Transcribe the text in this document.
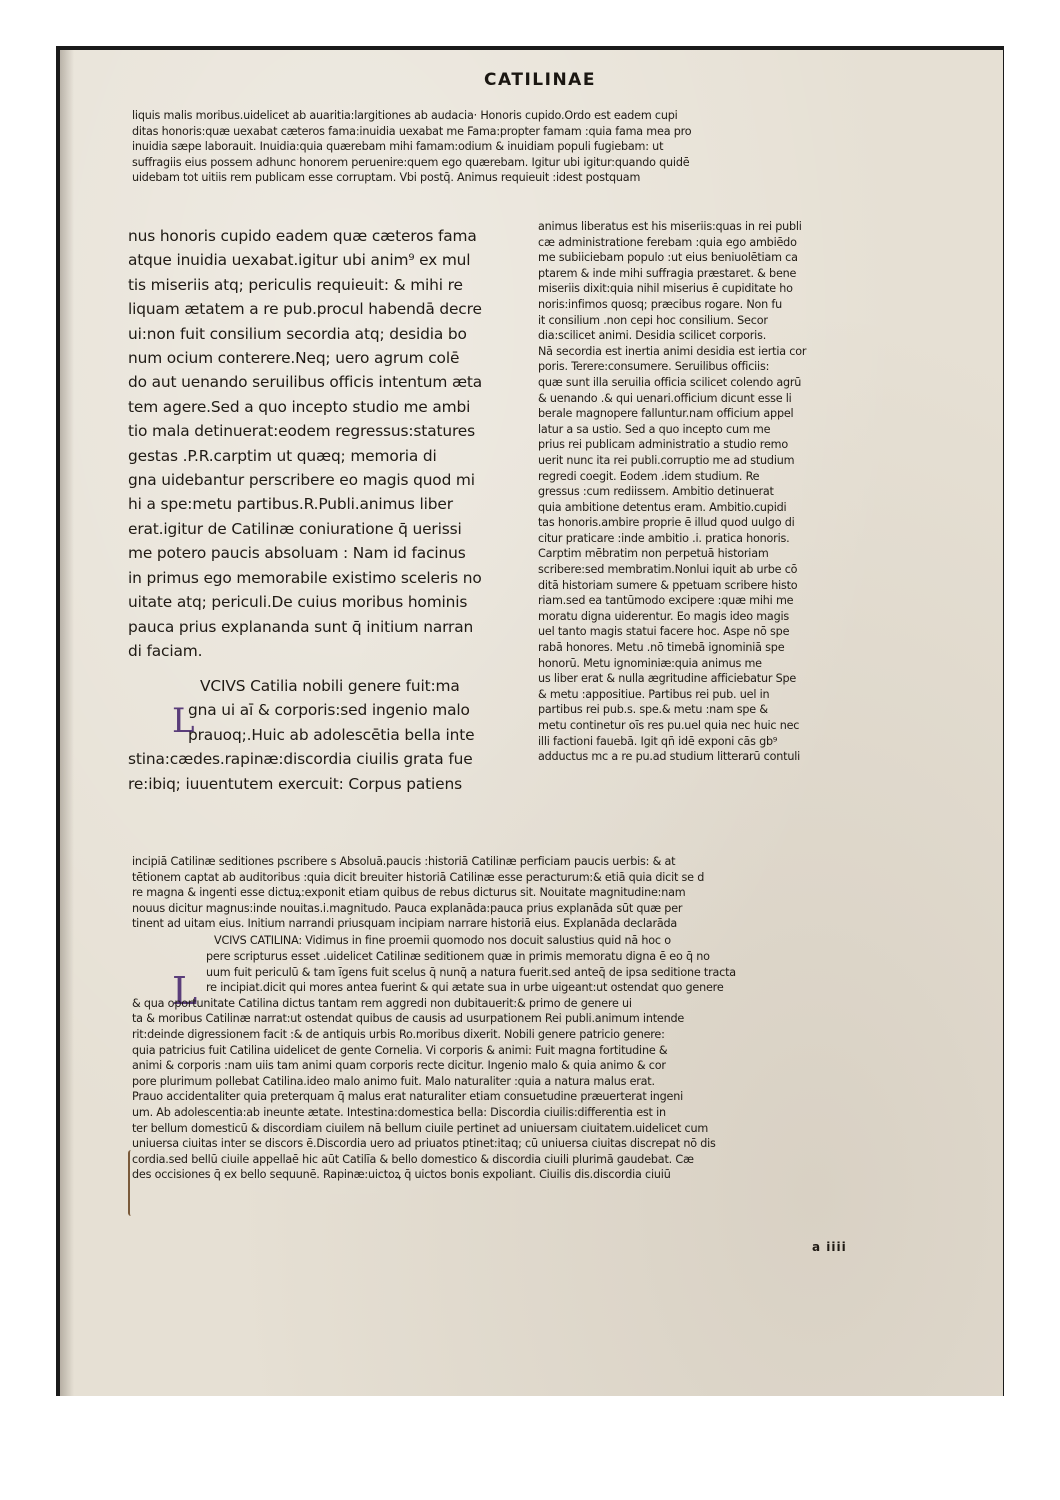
CATILINAE
liquis malis moribus.uidelicet ab auaritia:largitiones ab audacia· Honoris cupido.Ordo est eadem cupi
ditas honoris:quæ uexabat cæteros fama:inuidia uexabat me Fama:propter famam :quia fama mea pro
inuidia sæpe laborauit. Inuidia:quia quærebam mihi famam:odium & inuidiam populi fugiebam: ut
suffragiis eius possem adhunc honorem peruenire:quem ego quærebam. Igitur ubi igitur:quando quidē
uidebam tot uitiis rem publicam esse corruptam. Vbi postq̄. Animus requieuit :idest postquam
nus honoris cupido eadem quæ cæteros fama
atque inuidia uexabat.igitur ubi anim⁹ ex mul
tis miseriis atq; periculis requieuit: & mihi re
liquam ætatem a re pub.procul habendā decre
ui:non fuit consilium secordia atq; desidia bo
num ocium conterere.Neq; uero agrum colē
do aut uenando seruilibus officis intentum æta
tem agere.Sed a quo incepto studio me ambi
tio mala detinuerat:eodem regressus:statures
gestas .P.R.carptim ut quæq; memoria di
gna uidebantur perscribere eo magis quod mi
hi a spe:metu partibus.R.Publi.animus liber
erat.igitur de Catilinæ coniuratione q̄ uerissi
me potero paucis absoluam : Nam id facinus
in primus ego memorabile existimo sceleris no
uitate atq; periculi.De cuius moribus hominis
pauca prius explananda sunt q̄ initium narran
di faciam.
L
VCIVS Catilia nobili genere fuit:ma
gna ui aī & corporis:sed ingenio malo
prauoq;.Huic ab adolescētia bella inte
stina:cædes.rapinæ:discordia ciuilis grata fue
re:ibiq; iuuentutem exercuit: Corpus patiens
animus liberatus est his miseriis:quas in rei publi
cæ administratione ferebam :quia ego ambiēdo
me subiiciebam populo :ut eius beniuolētiam ca
ptarem & inde mihi suffragia præstaret. & bene
miseriis dixit:quia nihil miserius ē cupiditate ho
noris:infimos quosq; præcibus rogare. Non fu
it consilium .non cepi hoc consilium. Secor
dia:scilicet animi. Desidia scilicet corporis.
Nā secordia est inertia animi desidia est iertia cor
poris. Terere:consumere. Seruilibus officiis:
quæ sunt illa seruilia officia scilicet colendo agrū
& uenando .& qui uenari.officium dicunt esse li
berale magnopere falluntur.nam officium appel
latur a sa ustio. Sed a quo incepto cum me
prius rei publicam administratio a studio remo
uerit nunc ita rei publi.corruptio me ad studium
regredi coegit. Eodem .idem studium. Re
gressus :cum rediissem. Ambitio detinuerat
quia ambitione detentus eram. Ambitio.cupidi
tas honoris.ambire proprie ē illud quod uulgo di
citur praticare :inde ambitio .i. pratica honoris.
Carptim mēbratim non perpetuā historiam
scribere:sed membratim.Nonlui iquit ab urbe cō
ditā historiam sumere & ppetuam scribere histo
riam.sed ea tantūmodo excipere :quæ mihi me
moratu digna uiderentur. Eo magis ideo magis
uel tanto magis statui facere hoc. Aspe nō spe
rabā honores. Metu .nō timebā ignominiā spe
honorū. Metu ignominiæ:quia animus me
us liber erat & nulla ægritudine afficiebatur Spe
& metu :appositiue. Partibus rei pub. uel in
partibus rei pub.s. spe.& metu :nam spe &
metu continetur oīs res pu.uel quia nec huic nec
illi factioni fauebā. Igit qn̄ idē exponi cās gb⁹
adductus mc a re pu.ad studium litterarū contuli
incipiā Catilinæ seditiones pscribere s Absoluā.paucis :historiā Catilinæ perficiam paucis uerbis: & at
tētionem captat ab auditoribus :quia dicit breuiter historiā Catilinæ esse peracturum:& etiā quia dicit se d
re magna & ingenti esse dictuꝝ:exponit etiam quibus de rebus dicturus sit. Nouitate magnitudine:nam
nouus dicitur magnus:inde nouitas.i.magnitudo. Pauca explanāda:pauca prius explanāda sūt quæ per
tinent ad uitam eius. Initium narrandi priusquam incipiam narrare historiā eius. Explanāda declarāda
VCIVS CATILINA: Vidimus in fine proemii quomodo nos docuit salustius quid nā hoc o
L
pere scripturus esset .uidelicet Catilinæ seditionem quæ in primis memoratu digna ē eo q̄ no
uum fuit periculū & tam īgens fuit scelus q̄ nunq̄ a natura fuerit.sed anteq̄ de ipsa seditione tracta
re incipiat.dicit qui mores antea fuerint & qui ætate sua in urbe uigeant:ut ostendat quo genere
& qua oportunitate Catilina dictus tantam rem aggredi non dubitauerit:& primo de genere ui
ta & moribus Catilinæ narrat:ut ostendat quibus de causis ad usurpationem Rei publi.animum intende
rit:deinde digressionem facit :& de antiquis urbis Ro.moribus dixerit. Nobili genere patricio genere:
quia patricius fuit Catilina uidelicet de gente Cornelia. Vi corporis & animi: Fuit magna fortitudine &
animi & corporis :nam uiis tam animi quam corporis recte dicitur. Ingenio malo & quia animo & cor
pore plurimum pollebat Catilina.ideo malo animo fuit. Malo naturaliter :quia a natura malus erat.
Prauo accidentaliter quia preterquam q̄ malus erat naturaliter etiam consuetudine præuerterat ingeni
um. Ab adolescentia:ab ineunte ætate. Intestina:domestica bella: Discordia ciuilis:differentia est in
ter bellum domesticū & discordiam ciuilem nā bellum ciuile pertinet ad uniuersam ciuitatem.uidelicet cum
uniuersa ciuitas inter se discors ē.Discordia uero ad priuatos ptinet:itaq; cū uniuersa ciuitas discrepat nō dis
cordia.sed bellū ciuile appellaē hic aūt Catilīa & bello domestico & discordia ciuili plurimā gaudebat. Cæ
des occisiones q̄ ex bello sequunē. Rapinæ:uictoꝝ q̄ uictos bonis expoliant. Ciuilis dis.discordia ciuiū
a iiii
